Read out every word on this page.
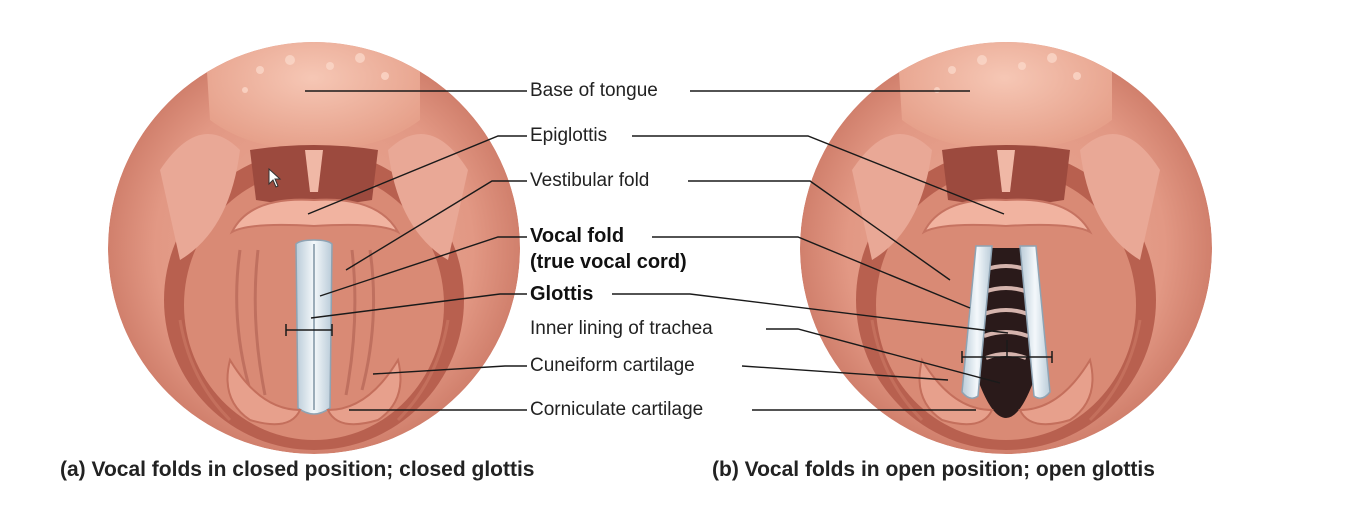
Base of tongue
Epiglottis
Vestibular fold
Vocal fold
(true vocal cord)
Glottis
Inner lining of trachea
Cuneiform cartilage
Corniculate cartilage
(a) Vocal folds in closed position; closed glottis	(b) Vocal folds in open position; open glottis
